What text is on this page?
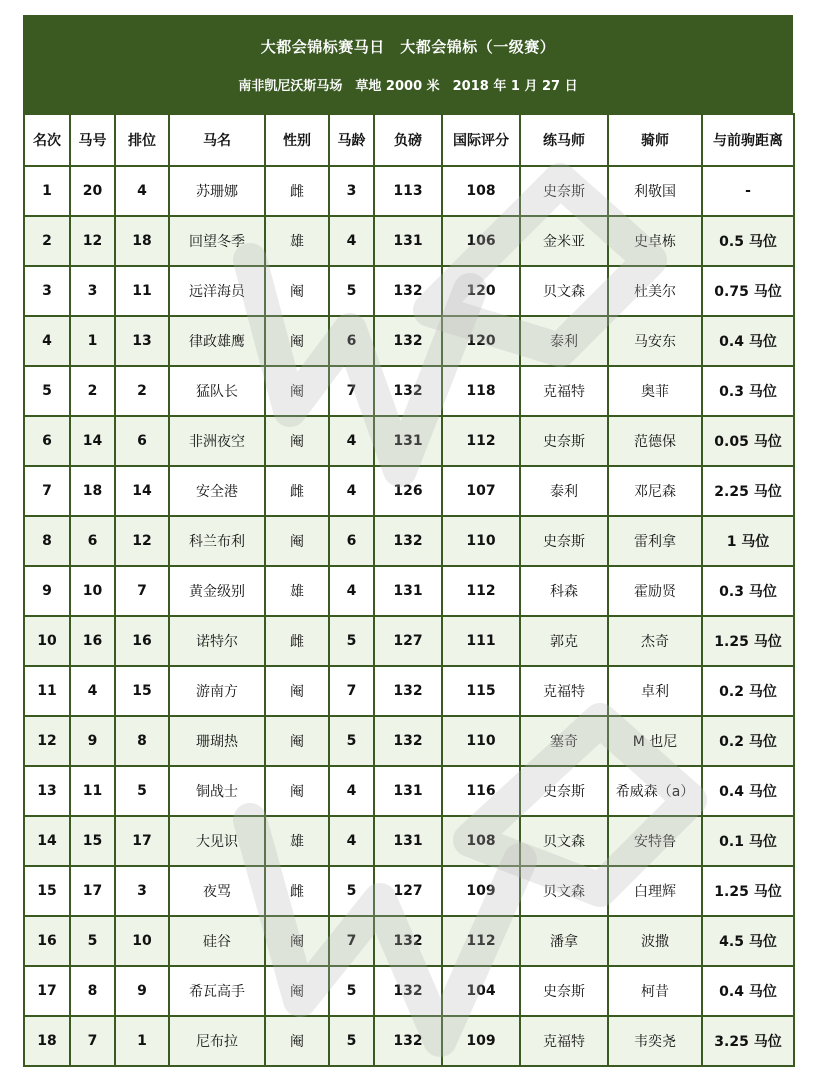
大都会锦标赛马日　大都会锦标（一级赛）
南非凯尼沃斯马场　草地 2000 米　2018 年 1 月 27 日
名次	马号	排位	马名	性别	马龄	负磅	国际评分	练马师	骑师	与前驹距离
1	20	4	苏珊娜	雌	3	113	108	史奈斯	利敬国	-
2	12	18	回望冬季	雄	4	131	106	金米亚	史卓栋	0.5 马位
3	3	11	远洋海员	阉	5	132	120	贝文森	杜美尔	0.75 马位
4	1	13	律政雄鹰	阉	6	132	120	泰利	马安东	0.4 马位
5	2	2	猛队长	阉	7	132	118	克福特	奥菲	0.3 马位
6	14	6	非洲夜空	阉	4	131	112	史奈斯	范德保	0.05 马位
7	18	14	安全港	雌	4	126	107	泰利	邓尼森	2.25 马位
8	6	12	科兰布利	阉	6	132	110	史奈斯	雷利拿	1 马位
9	10	7	黄金级别	雄	4	131	112	科森	霍励贤	0.3 马位
10	16	16	诺特尔	雌	5	127	111	郭克	杰奇	1.25 马位
11	4	15	游南方	阉	7	132	115	克福特	卓利	0.2 马位
12	9	8	珊瑚热	阉	5	132	110	塞奇	M 也尼	0.2 马位
13	11	5	铜战士	阉	4	131	116	史奈斯	希威森（a）	0.4 马位
14	15	17	大见识	雄	4	131	108	贝文森	安特鲁	0.1 马位
15	17	3	夜骂	雌	5	127	109	贝文森	白理辉	1.25 马位
16	5	10	硅谷	阉	7	132	112	潘拿	波撒	4.5 马位
17	8	9	希瓦高手	阉	5	132	104	史奈斯	柯昔	0.4 马位
18	7	1	尼布拉	阉	5	132	109	克福特	韦奕尧	3.25 马位
